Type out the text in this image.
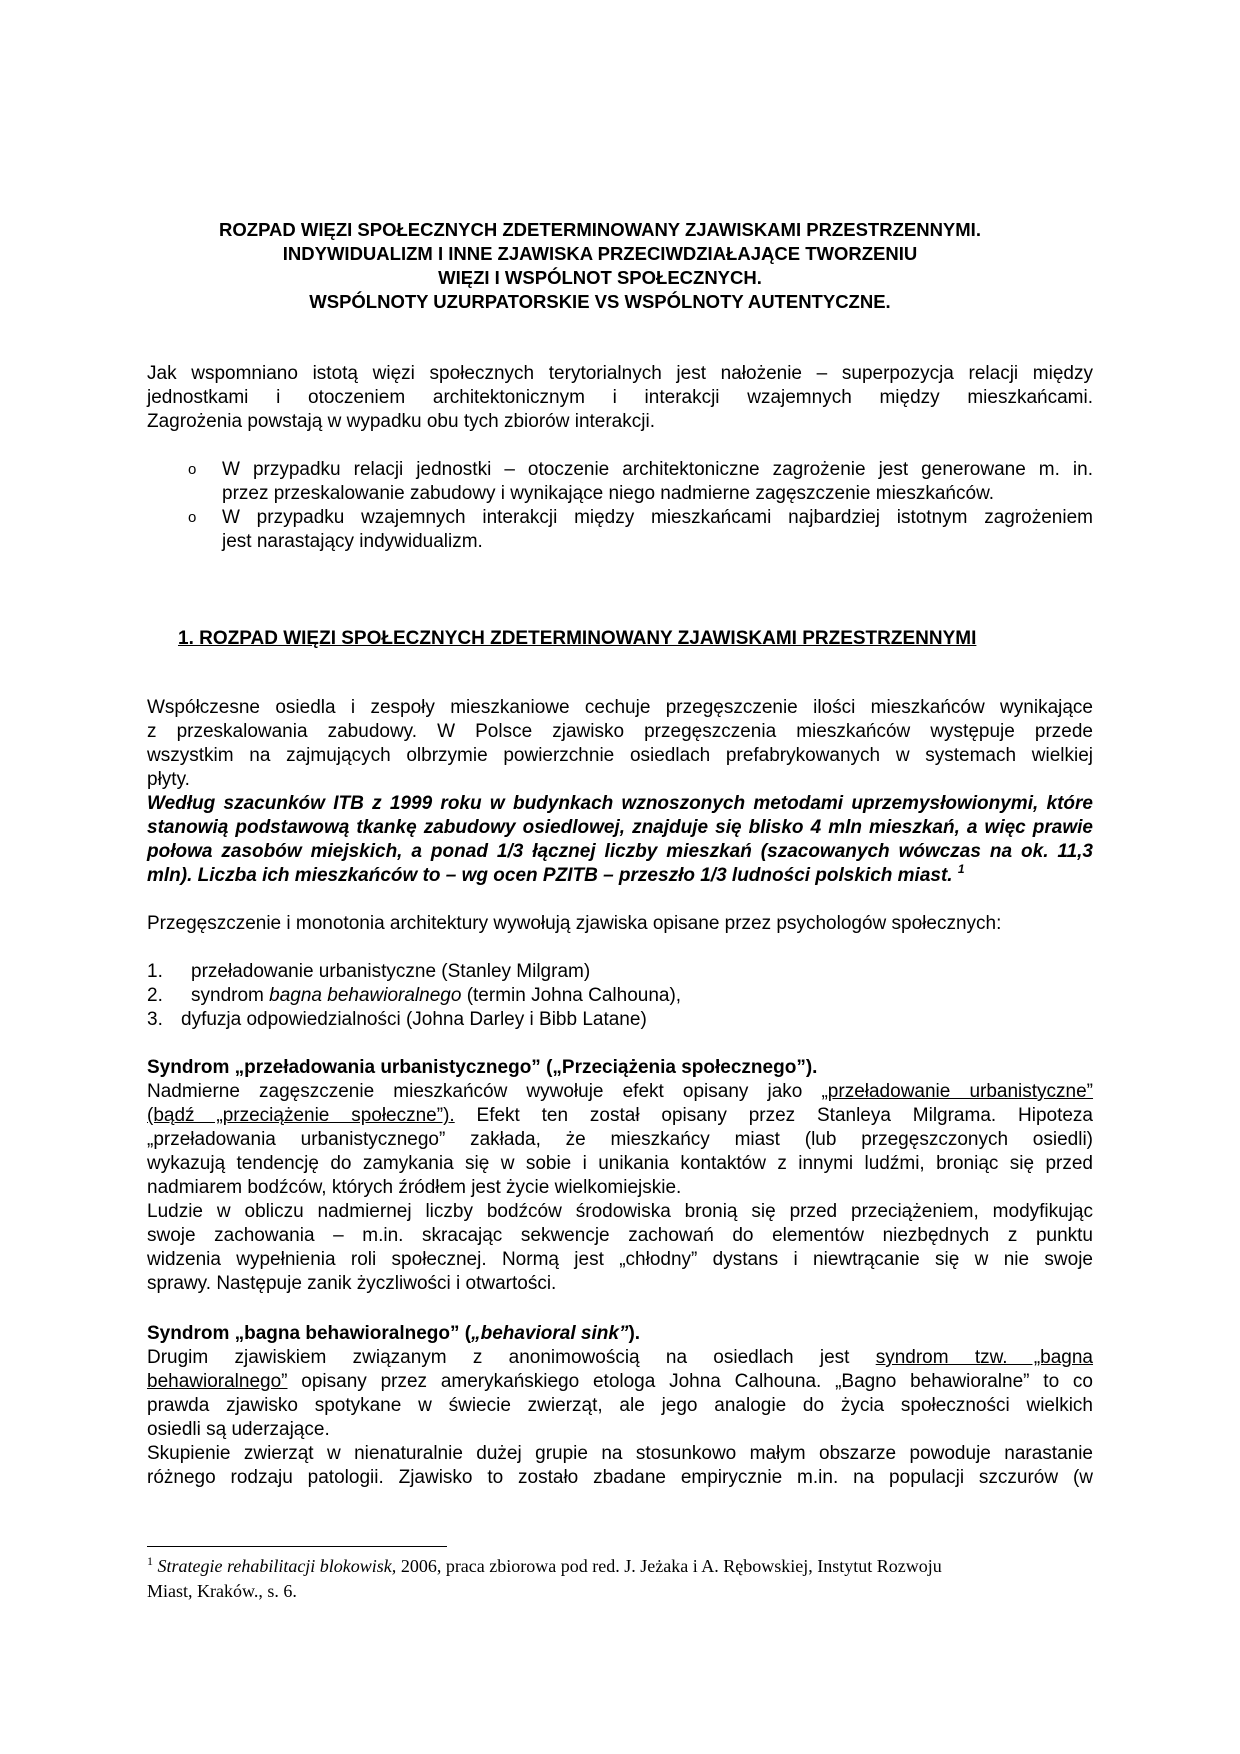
ROZPAD WIĘZI SPOŁECZNYCH ZDETERMINOWANY ZJAWISKAMI PRZESTRZENNYMI.
INDYWIDUALIZM I INNE ZJAWISKA PRZECIWDZIAŁAJĄCE TWORZENIU
WIĘZI I WSPÓLNOT SPOŁECZNYCH.
WSPÓLNOTY UZURPATORSKIE VS WSPÓLNOTY AUTENTYCZNE.
Jak wspomniano istotą więzi społecznych terytorialnych jest nałożenie – superpozycja relacji między
jednostkami i otoczeniem architektonicznym i interakcji wzajemnych między mieszkańcami.
Zagrożenia powstają w wypadku obu tych zbiorów interakcji.
o W przypadku relacji jednostki – otoczenie architektoniczne zagrożenie jest generowane m. in.
przez przeskalowanie zabudowy i wynikające niego nadmierne zagęszczenie mieszkańców.
o W przypadku wzajemnych interakcji między mieszkańcami najbardziej istotnym zagrożeniem
jest narastający indywidualizm.
1. ROZPAD WIĘZI SPOŁECZNYCH ZDETERMINOWANY ZJAWISKAMI PRZESTRZENNYMI
Współczesne osiedla i zespoły mieszkaniowe cechuje przegęszczenie ilości mieszkańców wynikające
z przeskalowania zabudowy. W Polsce zjawisko przegęszczenia mieszkańców występuje przede
wszystkim na zajmujących olbrzymie powierzchnie osiedlach prefabrykowanych w systemach wielkiej
płyty.
Według szacunków ITB z 1999 roku w budynkach wznoszonych metodami uprzemysłowionymi, które
stanowią podstawową tkankę zabudowy osiedlowej, znajduje się blisko 4 mln mieszkań, a więc prawie
połowa zasobów miejskich, a ponad 1/3 łącznej liczby mieszkań (szacowanych wówczas na ok. 11,3
mln). Liczba ich mieszkańców to – wg ocen PZITB – przeszło 1/3 ludności polskich miast. $^1$
Przegęszczenie i monotonia architektury wywołują zjawiska opisane przez psychologów społecznych:
1. przeładowanie urbanistyczne (Stanley Milgram)
2. syndrom bagna behawioralnego (termin Johna Calhouna),
3. dyfuzja odpowiedzialności (Johna Darley i Bibb Latane)
Syndrom „przeładowania urbanistycznego” („Przeciążenia społecznego”).
Nadmierne zagęszczenie mieszkańców wywołuje efekt opisany jako „przeładowanie urbanistyczne”
(bądź „przeciążenie społeczne”). Efekt ten został opisany przez Stanleya Milgrama. Hipoteza
„przeładowania urbanistycznego” zakłada, że mieszkańcy miast (lub przegęszczonych osiedli)
wykazują tendencję do zamykania się w sobie i unikania kontaktów z innymi ludźmi, broniąc się przed
nadmiarem bodźców, których źródłem jest życie wielkomiejskie.
Ludzie w obliczu nadmiernej liczby bodźców środowiska bronią się przed przeciążeniem, modyfikując
swoje zachowania – m.in. skracając sekwencje zachowań do elementów niezbędnych z punktu
widzenia wypełnienia roli społecznej. Normą jest „chłodny” dystans i niewtrącanie się w nie swoje
sprawy. Następuje zanik życzliwości i otwartości.
Syndrom „bagna behawioralnego” („behavioral sink”).
Drugim zjawiskiem związanym z anonimowością na osiedlach jest syndrom tzw. „bagna
behawioralnego” opisany przez amerykańskiego etologa Johna Calhouna. „Bagno behawioralne” to co
prawda zjawisko spotykane w świecie zwierząt, ale jego analogie do życia społeczności wielkich
osiedli są uderzające.
Skupienie zwierząt w nienaturalnie dużej grupie na stosunkowo małym obszarze powoduje narastanie
różnego rodzaju patologii. Zjawisko to zostało zbadane empirycznie m.in. na populacji szczurów (w
$^1$ Strategie rehabilitacji blokowisk, 2006, praca zbiorowa pod red. J. Jeżaka i A. Rębowskiej, Instytut Rozwoju
Miast, Kraków., s. 6.
